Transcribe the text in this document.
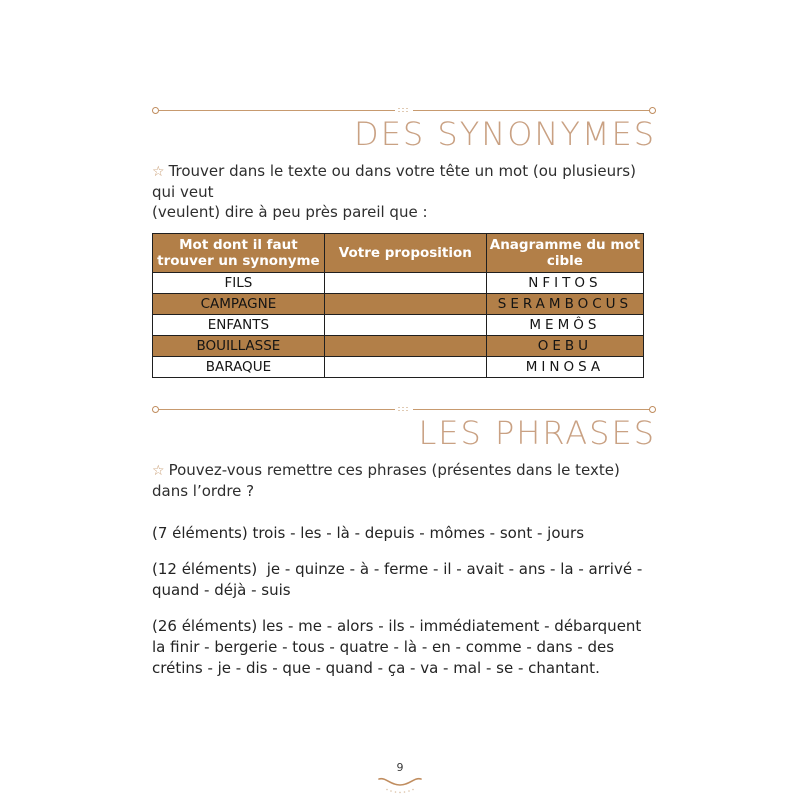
DES SYNONYMES

☆ Trouver dans le texte ou dans votre tête un mot (ou plusieurs) qui veut
(veulent) dire à peu près pareil que :

Mot dont il faut trouver un synonyme	Votre proposition	Anagramme du mot cible
FILS		NFITOS
CAMPAGNE		SERAMBOCUS
ENFANTS		MEMÔS
BOUILLASSE		OEBU
BARAQUE		MINOSA
LES PHRASES

☆ Pouvez-vous remettre ces phrases (présentes dans le texte) dans l’ordre ?

(7 éléments) trois - les - là - depuis - mômes - sont - jours
(12 éléments)  je - quinze - à - ferme - il - avait - ans - la - arrivé -
quand - déjà - suis
(26 éléments) les - me - alors - ils - immédiatement - débarquent
la finir - bergerie - tous - quatre - là - en - comme - dans - des
crétins - je - dis - que - quand - ça - va - mal - se - chantant.
9
